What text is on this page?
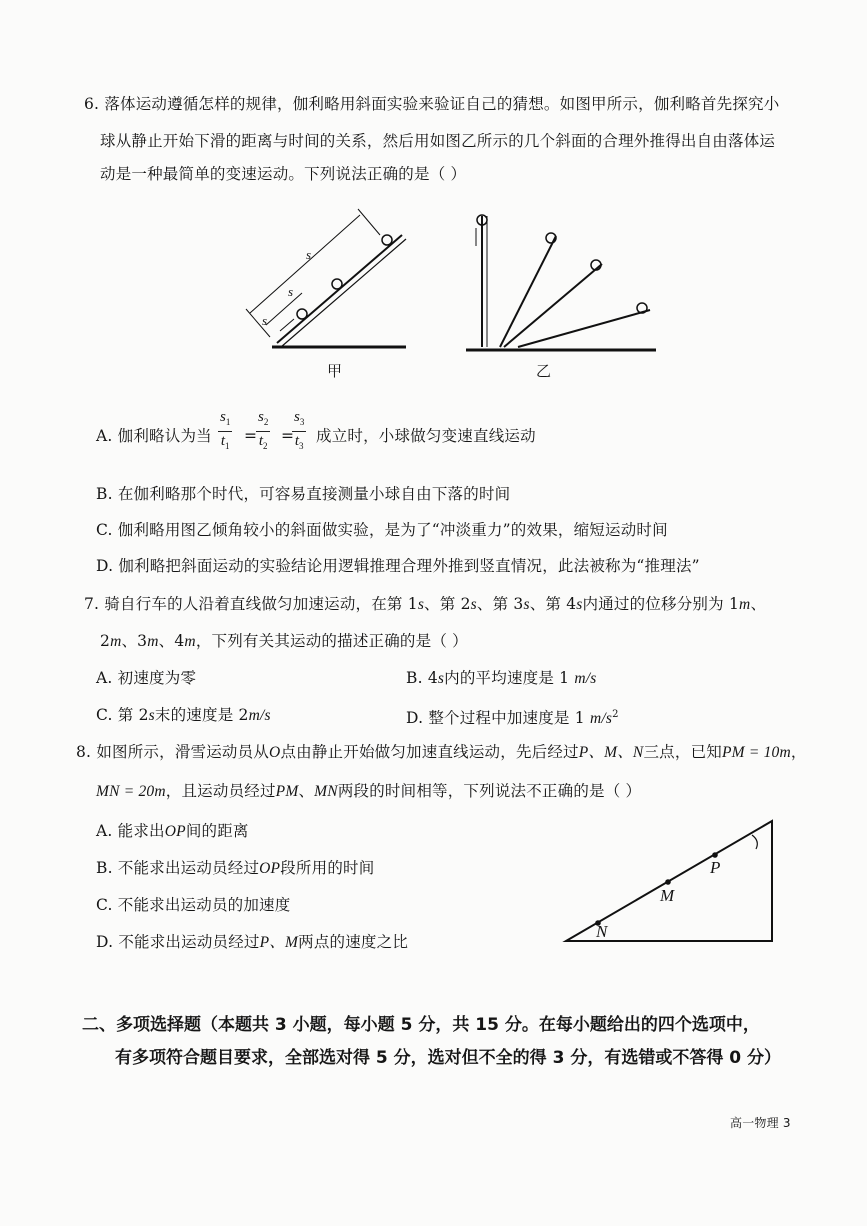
6. 落体运动遵循怎样的规律，伽利略用斜面实验来验证自己的猜想。如图甲所示，伽利略首先探究小
球从静止开始下滑的距离与时间的关系，然后用如图乙所示的几个斜面的合理外推得出自由落体运
动是一种最简单的变速运动。下列说法正确的是（ ）
s
s
s
甲	乙
A. 伽利略认为当 $\frac{s_1}{t_1}$ =
$\frac{s_2}{t_2}$ =
$\frac{s_3}{t_3}$ 成立时，小球做匀变速直线运动
B. 在伽利略那个时代，可容易直接测量小球自由下落的时间
C. 伽利略用图乙倾角较小的斜面做实验，是为了“冲淡重力”的效果，缩短运动时间
D. 伽利略把斜面运动的实验结论用逻辑推理合理外推到竖直情况，此法被称为“推理法”
7. 骑自行车的人沿着直线做匀加速运动，在第 1s、第 2s、第 3s、第 4s内通过的位移分别为 1m、
2m、3m、4m，下列有关其运动的描述正确的是（ ）
A. 初速度为零	B. 4s内的平均速度是 1 m/s
C. 第 2s末的速度是 2m/s	D. 整个过程中加速度是 1 $m/s^2$
8. 如图所示，滑雪运动员从O点由静止开始做匀加速直线运动，先后经过P、M、N三点，已知PM = 10m，
MN = 20m，且运动员经过PM、MN两段的时间相等，下列说法不正确的是（ ）
A. 能求出OP间的距离
B. 不能求出运动员经过OP段所用的时间
C. 不能求出运动员的加速度
D. 不能求出运动员经过P、M两点的速度之比
N
M
P
二、多项选择题（本题共 3 小题，每小题 5 分，共 15 分。在每小题给出的四个选项中，
有多项符合题目要求，全部选对得 5 分，选对但不全的得 3 分，有选错或不答得 0 分）
高一物理 3
